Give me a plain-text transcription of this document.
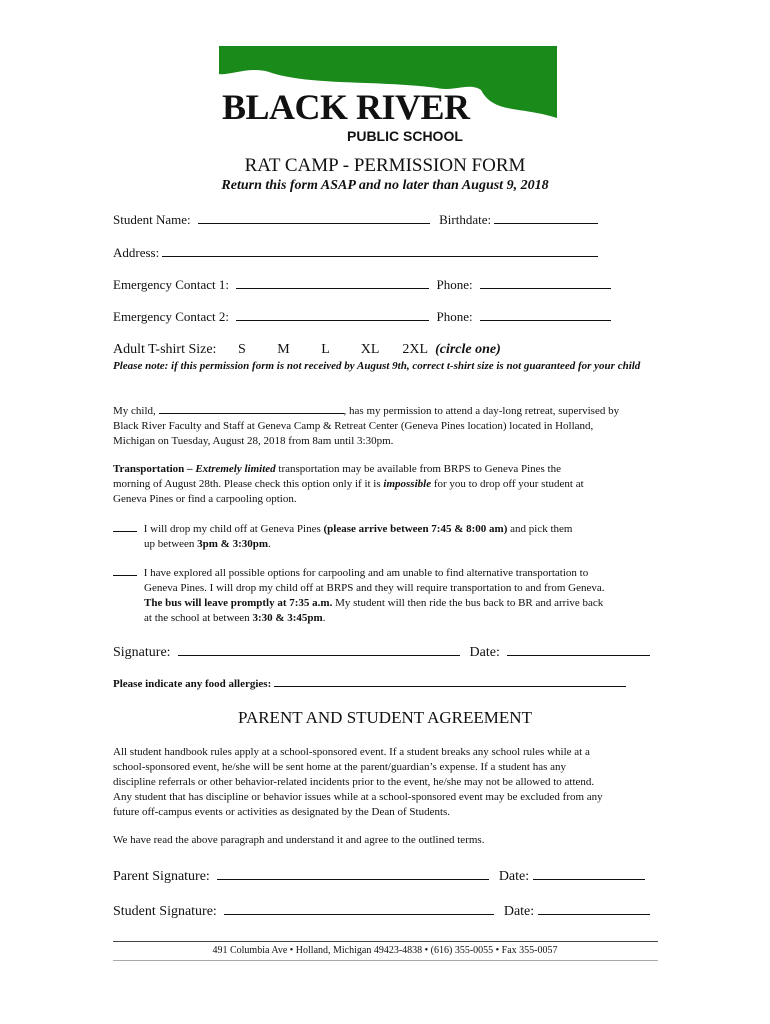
BLACK RIVER
PUBLIC SCHOOL
RAT CAMP - PERMISSION FORM
Return this form ASAP and no later than August 9, 2018
Student Name:	Birthdate:
Address:
Emergency Contact 1:	Phone:
Emergency Contact 2:	Phone:
Adult T-shirt Size: S M L XL 2XL (circle one)
Please note: if this permission form is not received by August 9th, correct t-shirt size is not guaranteed for your child
My child,	, has my permission to attend a day-long retreat, supervised by
Black River Faculty and Staff at Geneva Camp & Retreat Center (Geneva Pines location) located in Holland,
Michigan on Tuesday, August 28, 2018 from 8am until 3:30pm.
Transportation – Extremely limited transportation may be available from BRPS to Geneva Pines the
morning of August 28th. Please check this option only if it is impossible for you to drop off your student at
Geneva Pines or find a carpooling option.
I will drop my child off at Geneva Pines (please arrive between 7:45 & 8:00 am) and pick them
up between 3pm & 3:30pm.
I have explored all possible options for carpooling and am unable to find alternative transportation to
Geneva Pines. I will drop my child off at BRPS and they will require transportation to and from Geneva.
The bus will leave promptly at 7:35 a.m. My student will then ride the bus back to BR and arrive back
at the school at between 3:30 & 3:45pm.
Signature:	Date:
Please indicate any food allergies:
PARENT AND STUDENT AGREEMENT
All student handbook rules apply at a school-sponsored event. If a student breaks any school rules while at a
school-sponsored event, he/she will be sent home at the parent/guardian’s expense. If a student has any
discipline referrals or other behavior-related incidents prior to the event, he/she may not be allowed to attend.
Any student that has discipline or behavior issues while at a school-sponsored event may be excluded from any
future off-campus events or activities as designated by the Dean of Students.
We have read the above paragraph and understand it and agree to the outlined terms.
Parent Signature:	Date:
Student Signature:	Date:
491 Columbia Ave • Holland, Michigan 49423-4838 • (616) 355-0055 • Fax 355-0057
